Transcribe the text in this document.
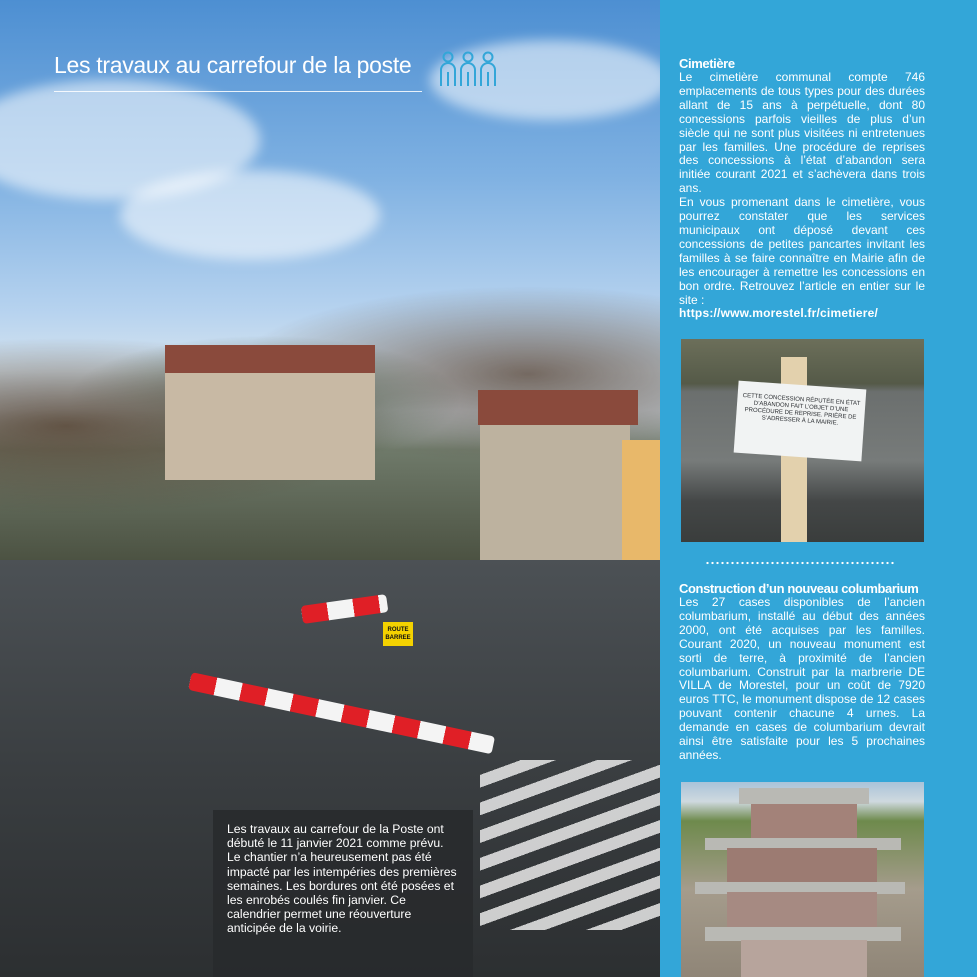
ROUTE BARREE
Les travaux au carrefour de la poste
Les travaux au carrefour de la Poste ont débuté le 11 janvier 2021 comme prévu. Le chantier n’a heureusement pas été impacté par les intempéries des premières semaines. Les bordures ont été posées et les enrobés coulés fin janvier. Ce calendrier permet une réouverture anticipée de la voirie.
Cimetière
Le cimetière communal compte 746 emplacements de tous types pour des durées allant de 15 ans à perpétuelle, dont 80 concessions parfois vieilles de plus d’un siècle qui ne sont plus visitées ni entretenues par les familles. Une procédure de reprises des concessions à l’état d’abandon sera initiée courant 2021 et s’achèvera dans trois ans.
En vous promenant dans le cimetière, vous pourrez constater que les services municipaux ont déposé devant ces concessions de petites pancartes invitant les familles à se faire connaître en Mairie afin de les encourager à remettre les concessions en bon ordre. Retrouvez l’article en entier sur le site :
https://www.morestel.fr/cimetiere/
CETTE CONCESSION RÉPUTÉE EN ÉTAT D’ABANDON FAIT L’OBJET D’UNE PROCÉDURE DE REPRISE. PRIÈRE DE S’ADRESSER À LA MAIRIE.
Construction d’un nouveau columbarium
Les 27 cases disponibles de l’ancien columbarium, installé au début des années 2000, ont été acquises par les familles. Courant 2020, un nouveau monument est sorti de terre, à proximité de l’ancien columbarium. Construit par la marbrerie DE VILLA de Morestel, pour un coût de 7920 euros TTC, le monument dispose de 12 cases pouvant contenir chacune 4 urnes. La demande en cases de columbarium devrait ainsi être satisfaite pour les 5 prochaines années.
